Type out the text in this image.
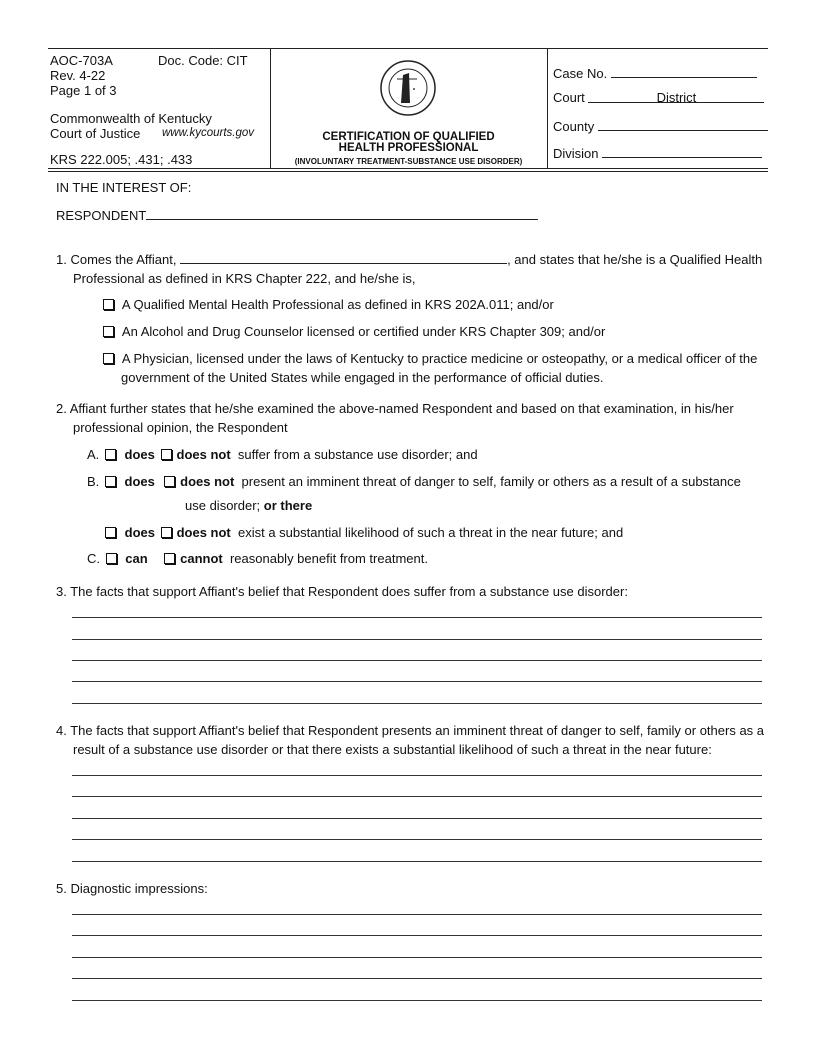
AOC-703A	Doc. Code: CIT
Rev. 4-22
Page 1 of 3
Commonwealth of Kentucky
Court of Justice www.kycourts.gov
KRS 222.005; .431; .433
CERTIFICATION OF QUALIFIED
HEALTH PROFESSIONAL
(INVOLUNTARY TREATMENT-SUBSTANCE USE DISORDER)
Case No.
Court	District
County
Division
IN THE INTEREST OF:
RESPONDENT
1. Comes the Affiant,	, and states that he/she is a Qualified Health
Professional as defined in KRS Chapter 222, and he/she is,
A Qualified Mental Health Professional as defined in KRS 202A.011; and/or
An Alcohol and Drug Counselor licensed or certified under KRS Chapter 309; and/or
A Physician, licensed under the laws of Kentucky to practice medicine or osteopathy, or a medical officer of the
government of the United States while engaged in the performance of official duties.
2. Affiant further states that he/she examined the above-named Respondent and based on that examination, in his/her
professional opinion, the Respondent
A. does does not suffer from a substance use disorder; and
B. does does not present an imminent threat of danger to self, family or others as a result of a substance
use disorder; or there
does does not exist a substantial likelihood of such a threat in the near future; and
C. can cannot reasonably benefit from treatment.
3. The facts that support Affiant's belief that Respondent does suffer from a substance use disorder:
4. The facts that support Affiant's belief that Respondent presents an imminent threat of danger to self, family or others as a
result of a substance use disorder or that there exists a substantial likelihood of such a threat in the near future:
5. Diagnostic impressions:
